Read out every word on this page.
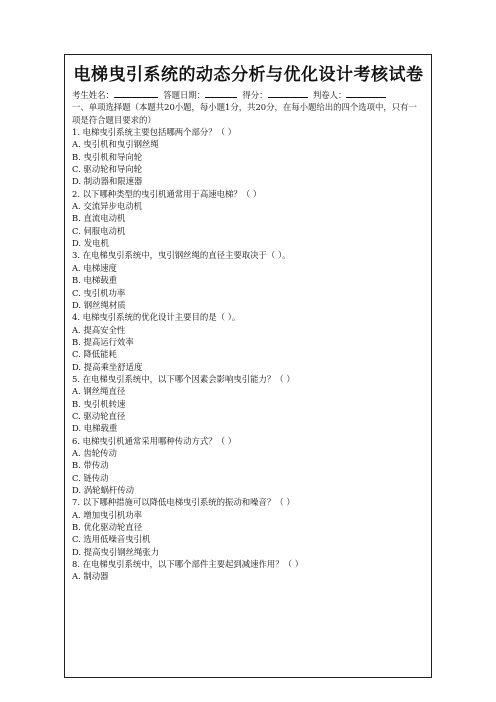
电梯曳引系统的动态分析与优化设计考核试卷
考生姓名：	答题日期：	得分：	判卷人：
一、单项选择题（本题共20小题，每小题1分，共20分，在每小题给出的四个选项中，只有一项是符合题目要求的）
1. 电梯曳引系统主要包括哪两个部分？（ ）
A. 曳引机和曳引钢丝绳
B. 曳引机和导向轮
C. 驱动轮和导向轮
D. 制动器和限速器
2. 以下哪种类型的曳引机通常用于高速电梯？（ ）
A. 交流异步电动机
B. 直流电动机
C. 伺服电动机
D. 发电机
3. 在电梯曳引系统中，曳引钢丝绳的直径主要取决于（ ）。
A. 电梯速度
B. 电梯载重
C. 曳引机功率
D. 钢丝绳材质
4. 电梯曳引系统的优化设计主要目的是（ ）。
A. 提高安全性
B. 提高运行效率
C. 降低能耗
D. 提高乘坐舒适度
5. 在电梯曳引系统中，以下哪个因素会影响曳引能力？（ ）
A. 钢丝绳直径
B. 曳引机转速
C. 驱动轮直径
D. 电梯载重
6. 电梯曳引机通常采用哪种传动方式？（ ）
A. 齿轮传动
B. 带传动
C. 链传动
D. 涡轮蜗杆传动
7. 以下哪种措施可以降低电梯曳引系统的振动和噪音？（ ）
A. 增加曳引机功率
B. 优化驱动轮直径
C. 选用低噪音曳引机
D. 提高曳引钢丝绳张力
8. 在电梯曳引系统中，以下哪个部件主要起到减速作用？（ ）
A. 制动器
